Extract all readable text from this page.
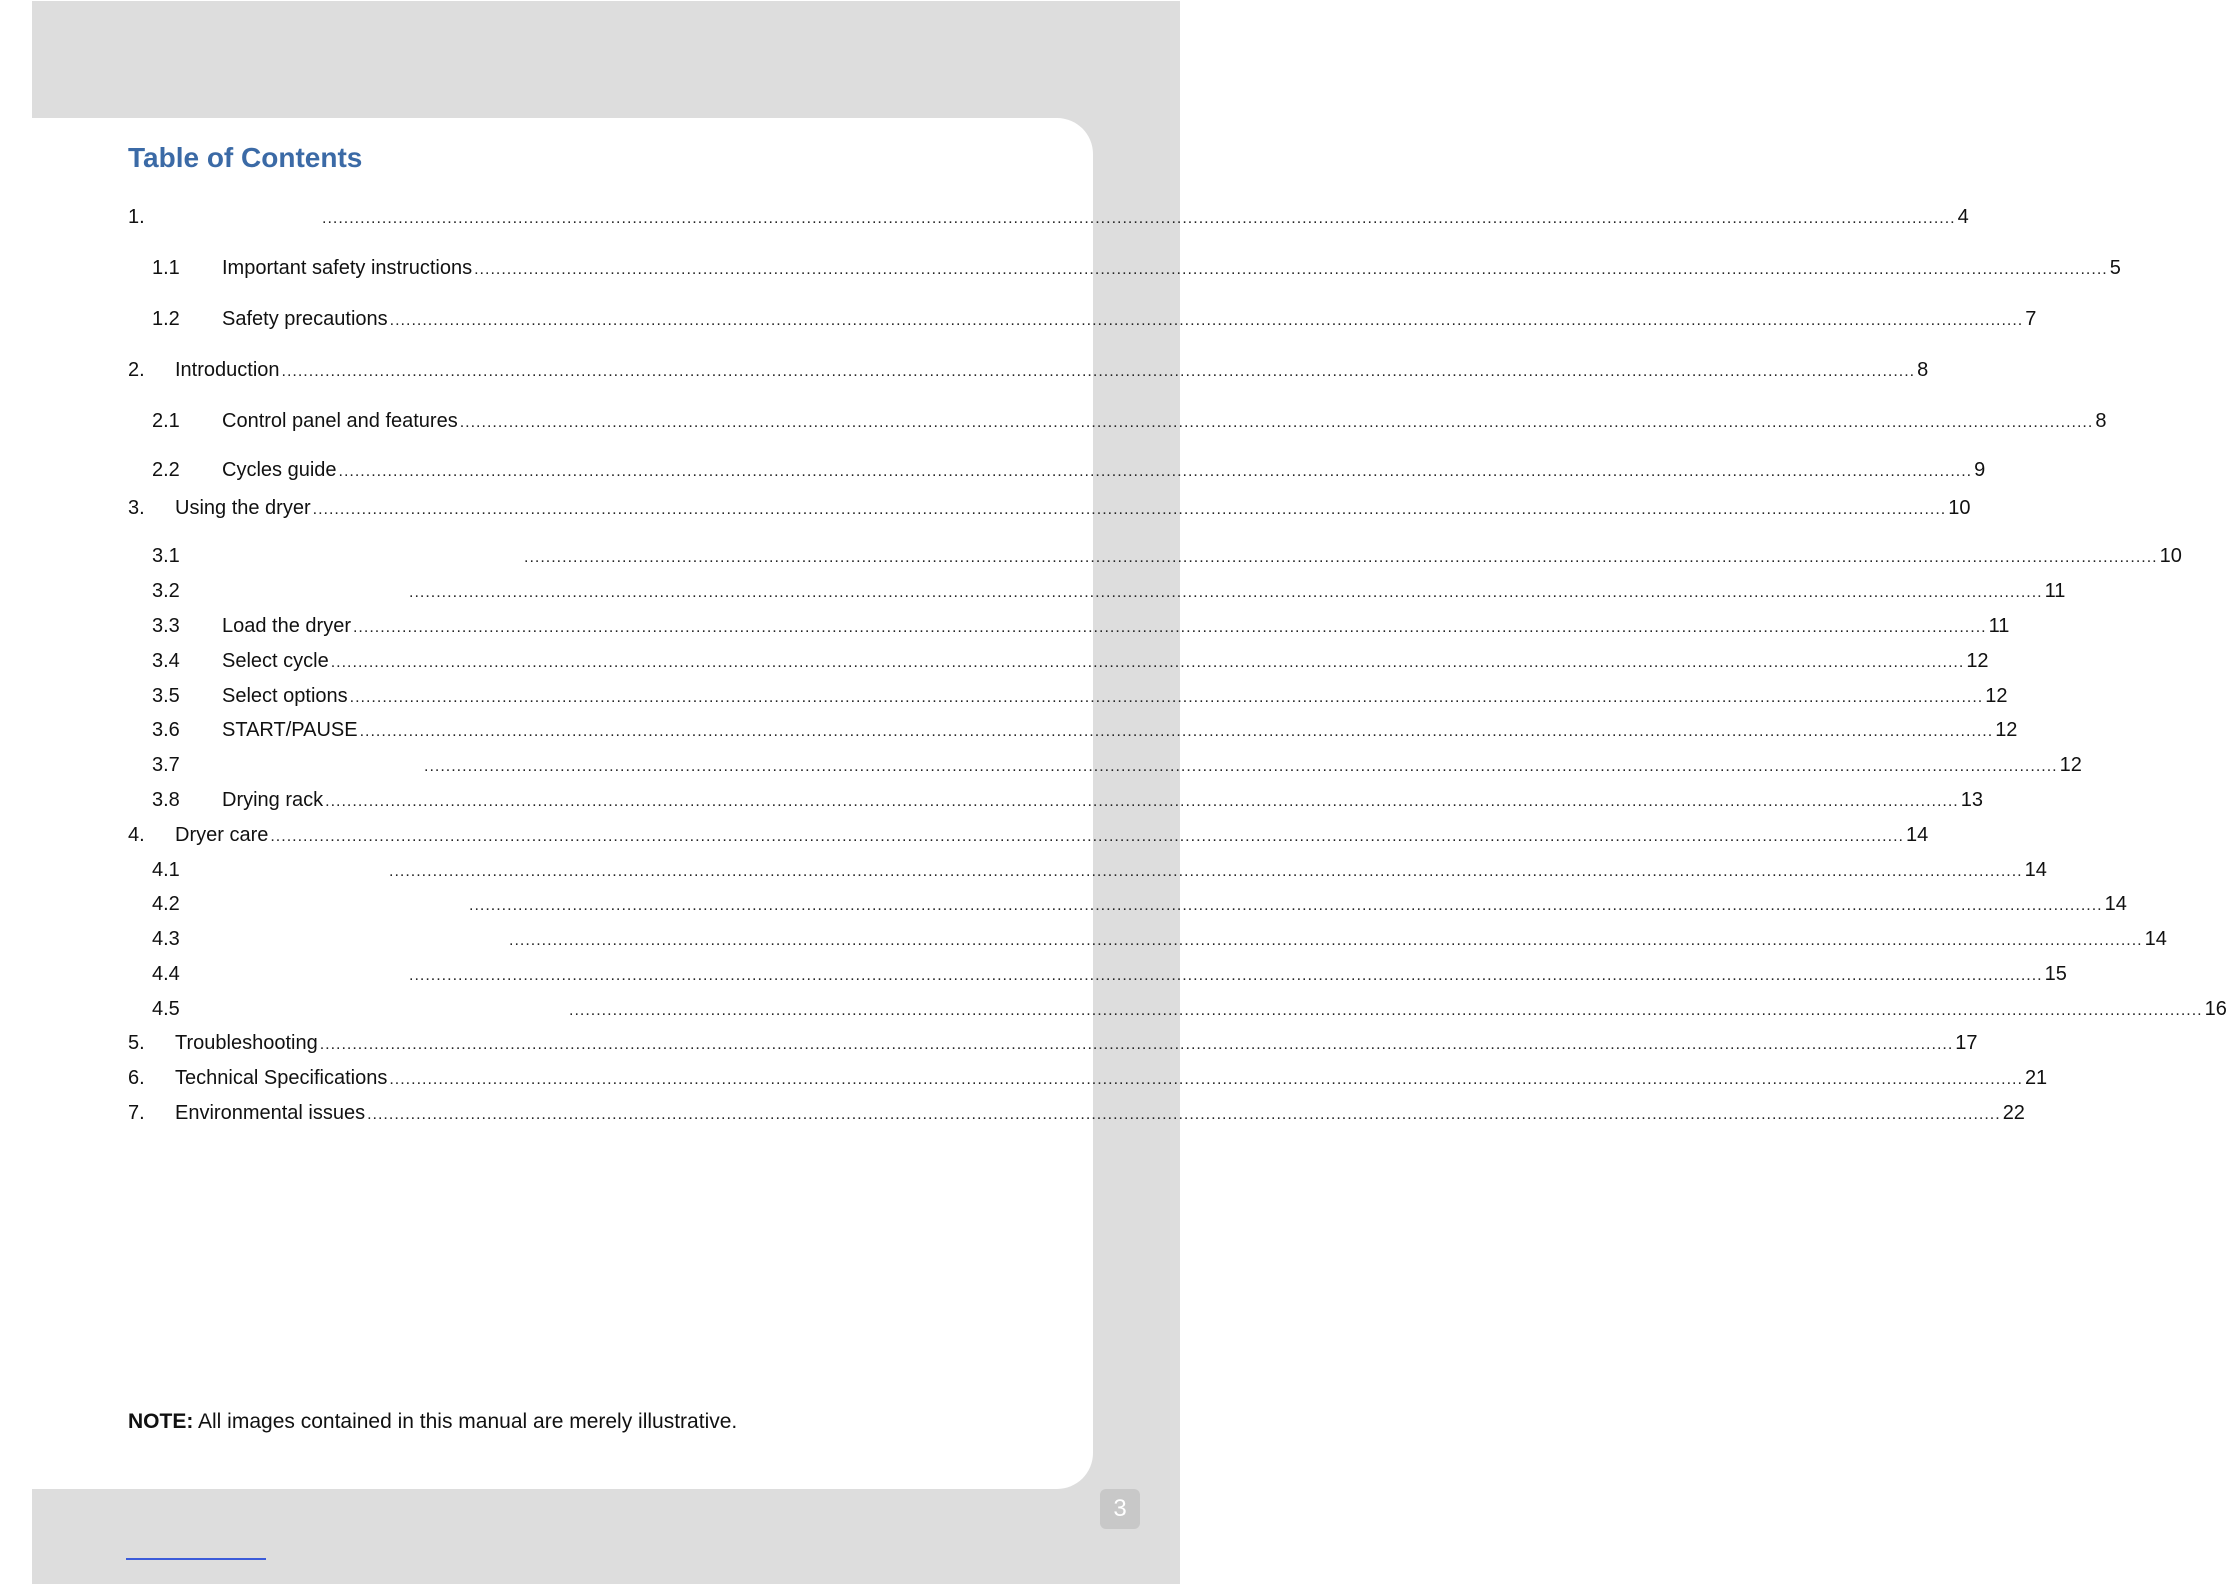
Table of Contents
1.	............................................................................................................................................................................................................................................................................................................ 4
1.1	Important safety instructions ............................................................................................................................................................................................................................................................................................................ 5
1.2	Safety precautions ............................................................................................................................................................................................................................................................................................................ 7
2.	Introduction ............................................................................................................................................................................................................................................................................................................ 8
2.1	Control panel and features ............................................................................................................................................................................................................................................................................................................ 8
2.2	Cycles guide ............................................................................................................................................................................................................................................................................................................ 9
3.	Using the dryer ............................................................................................................................................................................................................................................................................................................ 10
3.1	............................................................................................................................................................................................................................................................................................................ 10
3.2	............................................................................................................................................................................................................................................................................................................ 11
3.3	Load the dryer ............................................................................................................................................................................................................................................................................................................ 11
3.4	Select cycle ............................................................................................................................................................................................................................................................................................................ 12
3.5	Select options ............................................................................................................................................................................................................................................................................................................ 12
3.6	START/PAUSE ............................................................................................................................................................................................................................................................................................................ 12
3.7	............................................................................................................................................................................................................................................................................................................ 12
3.8	Drying rack ............................................................................................................................................................................................................................................................................................................ 13
4.	Dryer care ............................................................................................................................................................................................................................................................................................................ 14
4.1	............................................................................................................................................................................................................................................................................................................ 14
4.2	............................................................................................................................................................................................................................................................................................................ 14
4.3	............................................................................................................................................................................................................................................................................................................ 14
4.4	............................................................................................................................................................................................................................................................................................................ 15
4.5	............................................................................................................................................................................................................................................................................................................ 16
5.	Troubleshooting ............................................................................................................................................................................................................................................................................................................ 17
6.	Technical Specifications ............................................................................................................................................................................................................................................................................................................ 21
7.	Environmental issues ............................................................................................................................................................................................................................................................................................................ 22
NOTE: All images contained in this manual are merely illustrative.
3
